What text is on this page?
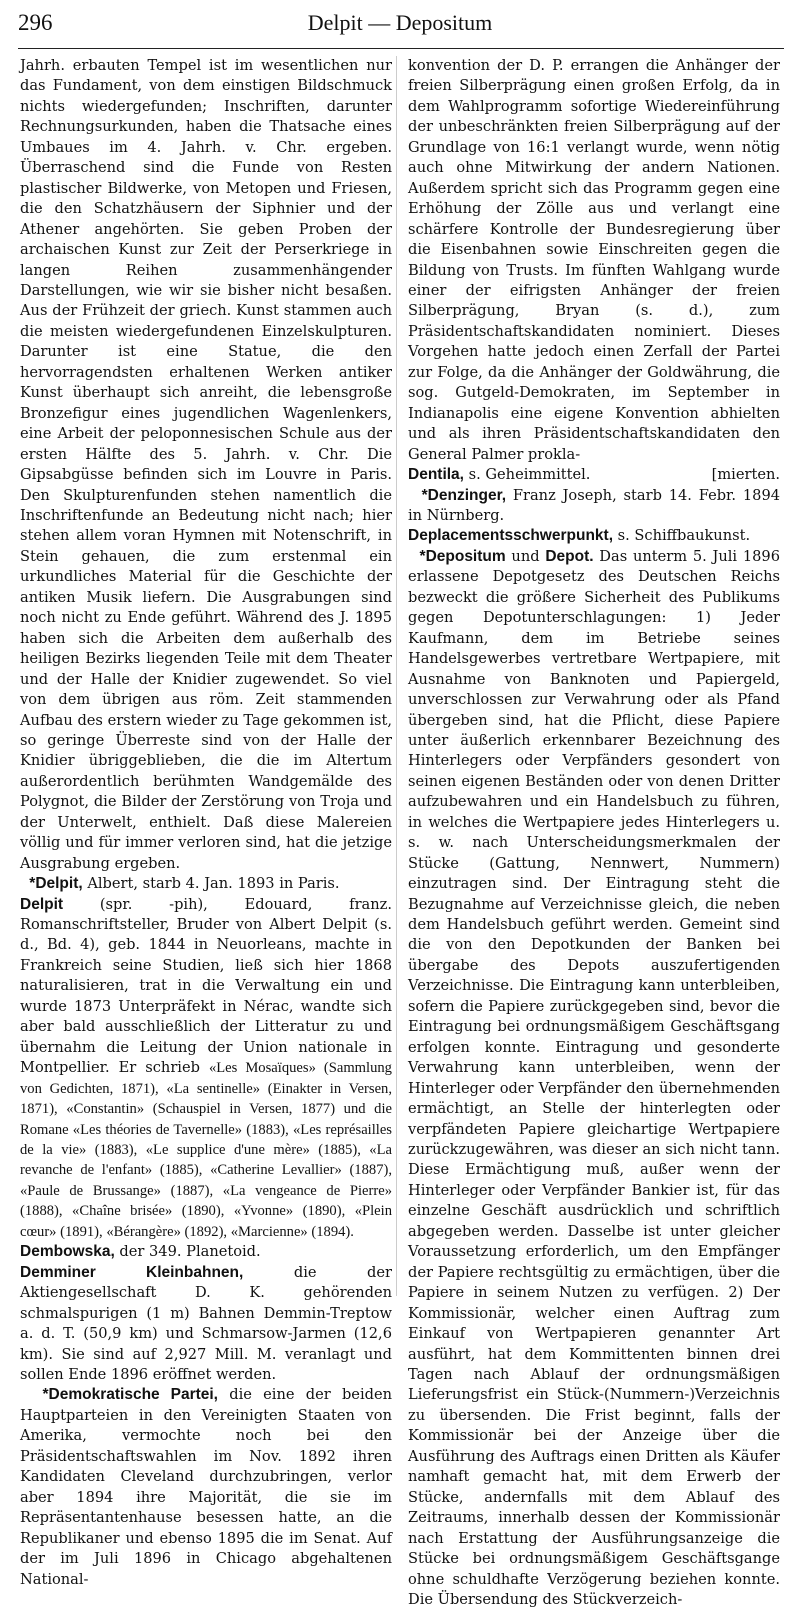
296	Delpit — Depositum

Jahrh. erbauten Tempel ist im wesentlichen nur das Fundament, von dem einstigen Bildschmuck nichts wiedergefunden; Inschriften, darunter Rechnungsurkunden, haben die Thatsache eines Umbaues im 4. Jahrh. v. Chr. ergeben. Überraschend sind die Funde von Resten plastischer Bildwerke, von Metopen und Friesen, die den Schatzhäusern der Siphnier und der Athener angehörten. Sie geben Proben der archaischen Kunst zur Zeit der Perserkriege in langen Reihen zusammenhängender Darstellungen, wie wir sie bisher nicht besaßen. Aus der Frühzeit der griech. Kunst stammen auch die meisten wiedergefundenen Einzelskulpturen. Darunter ist eine Statue, die den hervorragendsten erhaltenen Werken antiker Kunst überhaupt sich anreiht, die lebensgroße Bronzefigur eines jugendlichen Wagenlenkers, eine Arbeit der peloponnesischen Schule aus der ersten Hälfte des 5. Jahrh. v. Chr. Die Gipsabgüsse befinden sich im Louvre in Paris. Den Skulpturenfunden stehen namentlich die Inschriftenfunde an Bedeutung nicht nach; hier stehen allem voran Hymnen mit Notenschrift, in Stein gehauen, die zum erstenmal ein urkundliches Material für die Geschichte der antiken Musik liefern. Die Ausgrabungen sind noch nicht zu Ende geführt. Während des J. 1895 haben sich die Arbeiten dem außerhalb des heiligen Bezirks liegenden Teile mit dem Theater und der Halle der Knidier zugewendet. So viel von dem übrigen aus röm. Zeit stammenden Aufbau des erstern wieder zu Tage gekommen ist, so geringe Überreste sind von der Halle der Knidier übriggeblieben, die die im Altertum außerordentlich berühmten Wandgemälde des Polygnot, die Bilder der Zerstörung von Troja und der Unterwelt, enthielt. Daß diese Malereien völlig und für immer verloren sind, hat die jetzige Ausgrabung ergeben.

*Delpit, Albert, starb 4. Jan. 1893 in Paris.

Delpit (spr. -pih), Edouard, franz. Romanschriftsteller, Bruder von Albert Delpit (s. d., Bd. 4), geb. 1844 in Neuorleans, machte in Frankreich seine Studien, ließ sich hier 1868 naturalisieren, trat in die Verwaltung ein und wurde 1873 Unterpräfekt in Nérac, wandte sich aber bald ausschließlich der Litteratur zu und übernahm die Leitung der Union nationale in Montpellier. Er schrieb «Les Mosaïques» (Sammlung von Gedichten, 1871), «La sentinelle» (Einakter in Versen, 1871), «Constantin» (Schauspiel in Versen, 1877) und die Romane «Les théories de Tavernelle» (1883), «Les représailles de la vie» (1883), «Le supplice d'une mère» (1885), «La revanche de l'enfant» (1885), «Catherine Levallier» (1887), «Paule de Brussange» (1887), «La vengeance de Pierre» (1888), «Chaîne brisée» (1890), «Yvonne» (1890), «Plein cœur» (1891), «Bérangère» (1892), «Marcienne» (1894).

Dembowska, der 349. Planetoid.

Demminer Kleinbahnen, die der Aktiengesellschaft D. K. gehörenden schmalspurigen (1 m) Bahnen Demmin-Treptow a. d. T. (50,9 km) und Schmarsow-Jarmen (12,6 km). Sie sind auf 2,927 Mill. M. veranlagt und sollen Ende 1896 eröffnet werden.

*Demokratische Partei, die eine der beiden Hauptparteien in den Vereinigten Staaten von Amerika, vermochte noch bei den Präsidentschaftswahlen im Nov. 1892 ihren Kandidaten Cleveland durchzubringen, verlor aber 1894 ihre Majorität, die sie im Repräsentantenhause besessen hatte, an die Republikaner und ebenso 1895 die im Senat. Auf der im Juli 1896 in Chicago abgehaltenen National-

konvention der D. P. errangen die Anhänger der freien Silberprägung einen großen Erfolg, da in dem Wahlprogramm sofortige Wiedereinführung der unbeschränkten freien Silberprägung auf der Grundlage von 16:1 verlangt wurde, wenn nötig auch ohne Mitwirkung der andern Nationen. Außerdem spricht sich das Programm gegen eine Erhöhung der Zölle aus und verlangt eine schärfere Kontrolle der Bundesregierung über die Eisenbahnen sowie Einschreiten gegen die Bildung von Trusts. Im fünften Wahlgang wurde einer der eifrigsten Anhänger der freien Silberprägung, Bryan (s. d.), zum Präsidentschaftskandidaten nominiert. Dieses Vorgehen hatte jedoch einen Zerfall der Partei zur Folge, da die Anhänger der Goldwährung, die sog. Gutgeld-Demokraten, im September in Indianapolis eine eigene Konvention abhielten und als ihren Präsidentschaftskandidaten den General Palmer prokla-

Dentila, s. Geheimmittel.	[mierten.

*Denzinger, Franz Joseph, starb 14. Febr. 1894 in Nürnberg.

Deplacementsschwerpunkt, s. Schiffbaukunst.

*Depositum und Depot. Das unterm 5. Juli 1896 erlassene Depotgesetz des Deutschen Reichs bezweckt die größere Sicherheit des Publikums gegen Depotunterschlagungen: 1) Jeder Kaufmann, dem im Betriebe seines Handelsgewerbes vertretbare Wertpapiere, mit Ausnahme von Banknoten und Papiergeld, unverschlossen zur Verwahrung oder als Pfand übergeben sind, hat die Pflicht, diese Papiere unter äußerlich erkennbarer Bezeichnung des Hinterlegers oder Verpfänders gesondert von seinen eigenen Beständen oder von denen Dritter aufzubewahren und ein Handelsbuch zu führen, in welches die Wertpapiere jedes Hinterlegers u. s. w. nach Unterscheidungsmerkmalen der Stücke (Gattung, Nennwert, Nummern) einzutragen sind. Der Eintragung steht die Bezugnahme auf Verzeichnisse gleich, die neben dem Handelsbuch geführt werden. Gemeint sind die von den Depotkunden der Banken bei übergabe des Depots auszufertigenden Verzeichnisse. Die Eintragung kann unterbleiben, sofern die Papiere zurückgegeben sind, bevor die Eintragung bei ordnungsmäßigem Geschäftsgang erfolgen konnte. Eintragung und gesonderte Verwahrung kann unterbleiben, wenn der Hinterleger oder Verpfänder den übernehmenden ermächtigt, an Stelle der hinterlegten oder verpfändeten Papiere gleichartige Wertpapiere zurückzugewähren, was dieser an sich nicht tann. Diese Ermächtigung muß, außer wenn der Hinterleger oder Verpfänder Bankier ist, für das einzelne Geschäft ausdrücklich und schriftlich abgegeben werden. Dasselbe ist unter gleicher Voraussetzung erforderlich, um den Empfänger der Papiere rechtsgültig zu ermächtigen, über die Papiere in seinem Nutzen zu verfügen. 2) Der Kommissionär, welcher einen Auftrag zum Einkauf von Wertpapieren genannter Art ausführt, hat dem Kommittenten binnen drei Tagen nach Ablauf der ordnungsmäßigen Lieferungsfrist ein Stück-(Nummern-)Verzeichnis zu übersenden. Die Frist beginnt, falls der Kommissionär bei der Anzeige über die Ausführung des Auftrags einen Dritten als Käufer namhaft gemacht hat, mit dem Erwerb der Stücke, andernfalls mit dem Ablauf des Zeitraums, innerhalb dessen der Kommissionär nach Erstattung der Ausführungsanzeige die Stücke bei ordnungsmäßigem Geschäftsgange ohne schuldhafte Verzögerung beziehen konnte. Die Übersendung des Stückverzeich-
